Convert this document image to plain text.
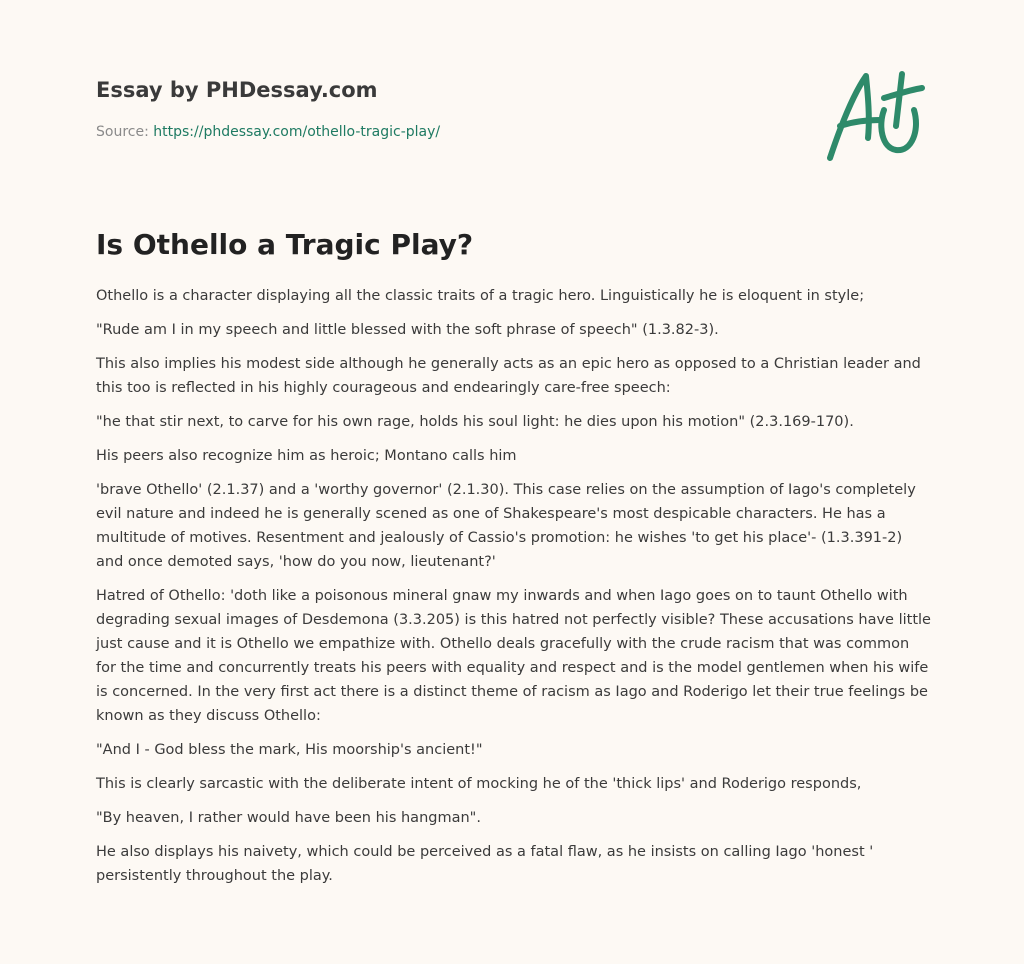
Essay by PHDessay.com
Source: https://phdessay.com/othello-tragic-play/
Is Othello a Tragic Play?

Othello is a character displaying all the classic traits of a tragic hero. Linguistically he is eloquent in style;

"Rude am I in my speech and little blessed with the soft phrase of speech" (1.3.82-3).

This also implies his modest side although he generally acts as an epic hero as opposed to a Christian leader and this too is reflected in his highly courageous and endearingly care-free speech:

"he that stir next, to carve for his own rage, holds his soul light: he dies upon his motion" (2.3.169-170).

His peers also recognize him as heroic; Montano calls him

'brave Othello' (2.1.37) and a 'worthy governor' (2.1.30). This case relies on the assumption of Iago's completely evil nature and indeed he is generally scened as one of Shakespeare's most despicable characters. He has a multitude of motives. Resentment and jealously of Cassio's promotion: he wishes 'to get his place'- (1.3.391-2) and once demoted says, 'how do you now, lieutenant?'

Hatred of Othello: 'doth like a poisonous mineral gnaw my inwards and when Iago goes on to taunt Othello with degrading sexual images of Desdemona (3.3.205) is this hatred not perfectly visible? These accusations have little just cause and it is Othello we empathize with. Othello deals gracefully with the crude racism that was common for the time and concurrently treats his peers with equality and respect and is the model gentlemen when his wife is concerned. In the very first act there is a distinct theme of racism as Iago and Roderigo let their true feelings be known as they discuss Othello:

"And I - God bless the mark, His moorship's ancient!"

This is clearly sarcastic with the deliberate intent of mocking he of the 'thick lips' and Roderigo responds,

"By heaven, I rather would have been his hangman".

He also displays his naivety, which could be perceived as a fatal flaw, as he insists on calling Iago 'honest ' persistently throughout the play.
